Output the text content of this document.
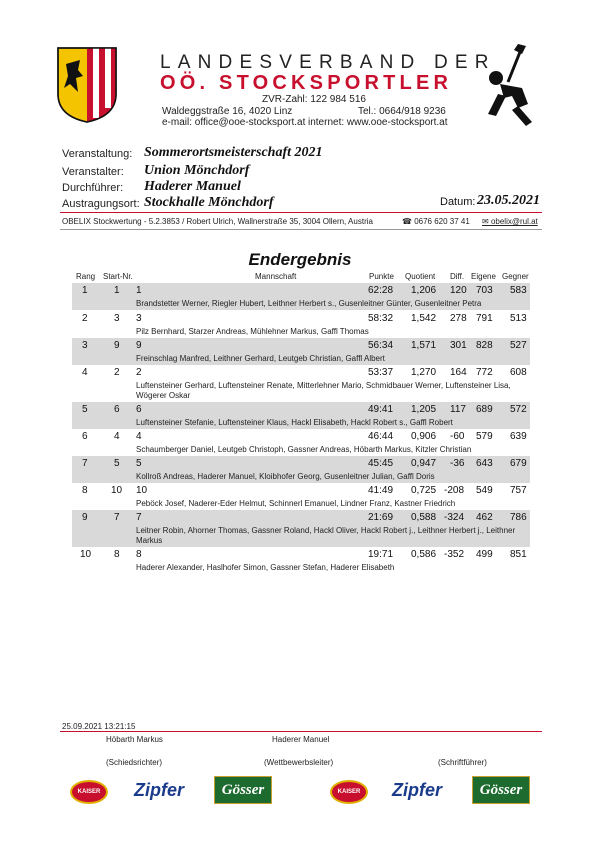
LANDESVERBAND DER
OÖ. STOCKSPORTLER
ZVR-Zahl: 122 984 516
Waldeggstraße 16, 4020 Linz	Tel.: 0664/918 9236
e-mail: office@ooe-stocksport.at internet: www.ooe-stocksport.at
Veranstaltung: Sommerortsmeisterschaft 2021
Veranstalter: Union Mönchdorf
Durchführer: Haderer Manuel
Austragungsort: Stockhalle Mönchdorf	Datum: 23.05.2021
OBELIX Stockwertung - 5.2.3853 / Robert Ulrich, Wallnerstraße 35, 3004 Ollern, Austria	☎ 0676 620 37 41 ✉ obelix@rul.at
Endergebnis
Rang Start-Nr.	Mannschaft	Punkte Quotient Diff. Eigene Gegner
1	1 1	62:28 1,206 120 703 583
Brandstetter Werner, Riegler Hubert, Leithner Herbert s., Gusenleitner Günter, Gusenleitner Petra
2	3 3	58:32 1,542 278 791 513
Pilz Bernhard, Starzer Andreas, Mühlehner Markus, Gaffl Thomas
3	9 9	56:34 1,571 301 828 527
Freinschlag Manfred, Leithner Gerhard, Leutgeb Christian, Gaffl Albert
4	2 2	53:37 1,270 164 772 608
Luftensteiner Gerhard, Luftensteiner Renate, Mitterlehner Mario, Schmidbauer Werner, Luftensteiner Lisa, Wögerer Oskar
5	6 6	49:41 1,205 117 689 572
Luftensteiner Stefanie, Luftensteiner Klaus, Hackl Elisabeth, Hackl Robert s., Gaffl Robert
6	4 4	46:44 0,906 -60 579 639
Schaumberger Daniel, Leutgeb Christoph, Gassner Andreas, Höbarth Markus, Kitzler Christian
7	5 5	45:45 0,947 -36 643 679
Kollroß Andreas, Haderer Manuel, Kloibhofer Georg, Gusenleitner Julian, Gaffl Doris
8 10 10	41:49 0,725 -208 549 757
Peböck Josef, Naderer-Eder Helmut, Schinnerl Emanuel, Lindner Franz, Kastner Friedrich
9	7 7	21:69 0,588 -324 462 786
Leitner Robin, Ahorner Thomas, Gassner Roland, Hackl Oliver, Hackl Robert j., Leithner Herbert j., Leithner Markus
10 8 8	19:71 0,586 -352 499 851
Haderer Alexander, Haslhofer Simon, Gassner Stefan, Haderer Elisabeth
25.09.2021 13:21:15
Höbarth Markus	Haderer Manuel
(Schiedsrichter)	(Wettbewerbsleiter)	(Schriftführer)
KAISER	Zipfer	Gösser	KAISER	Zipfer	Gösser
